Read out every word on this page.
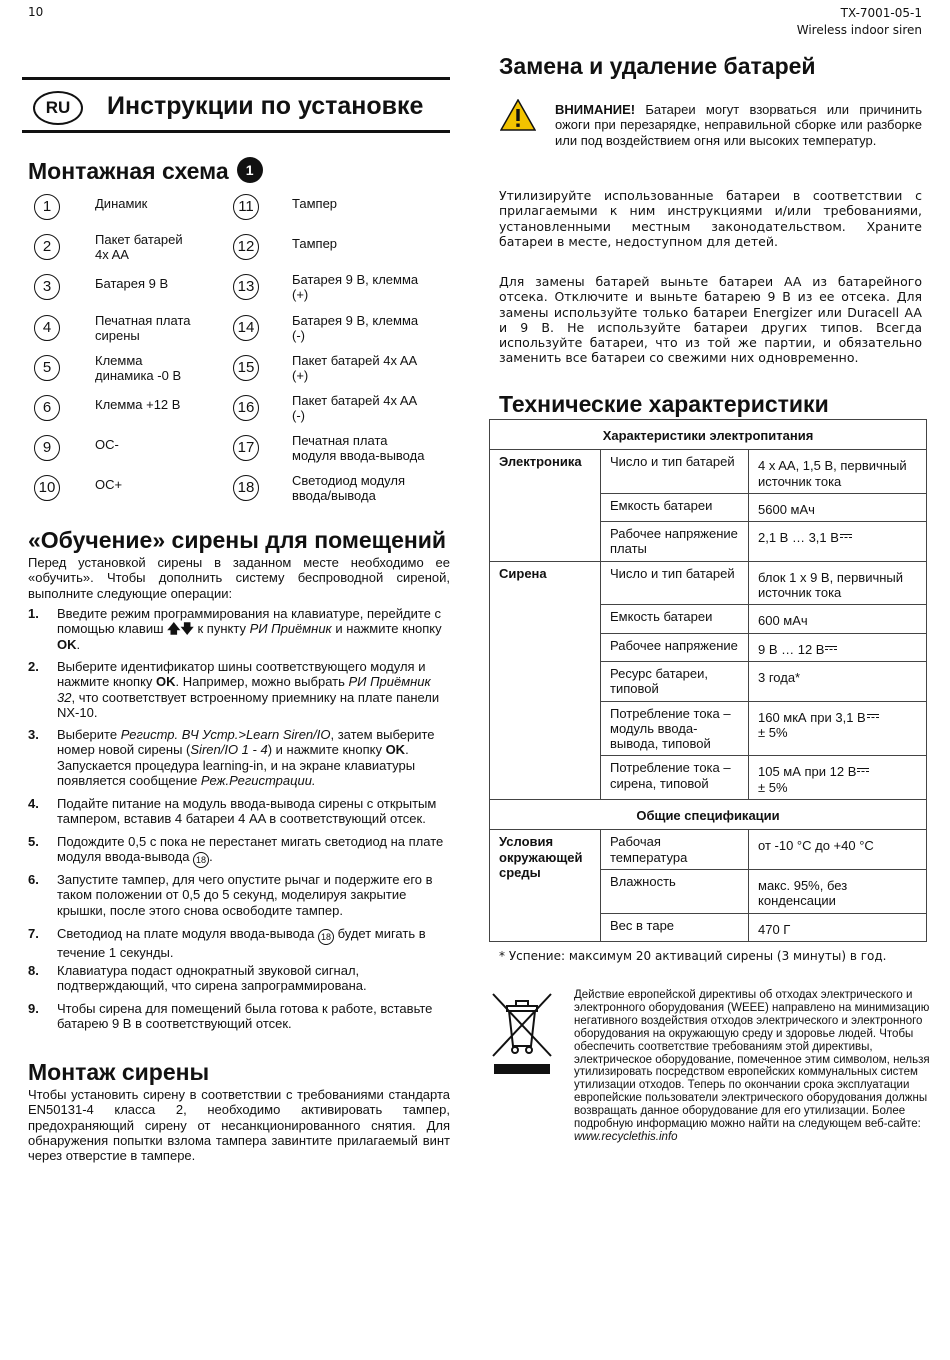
10	TX-7001-05-1
Wireless indoor siren
RU	Инструкции по установке
Монтажная схема 1
1	Динамик
2	Пакет батарей
4x AA
3	Батарея 9 В
4	Печатная плата
сирены
5	Клемма
динамика -0 В
6	Клемма +12 В
9	OC-
10	OC+
11	Тампер
12	Тампер
13	Батарея 9 В, клемма
(+)
14	Батарея 9 В, клемма
(-)
15	Пакет батарей 4x AA
(+)
16	Пакет батарей 4x AA
(-)
17	Печатная плата
модуля ввода-вывода
18	Светодиод модуля
ввода/вывода
«Обучение» сирены для помещений
Перед установкой сирены в заданном месте необходимо ее «обучить». Чтобы дополнить систему беспроводной сиреной, выполните следующие операции:
1. Введите режим программирования на клавиатуре, перейдите с помощью клавиш 🡅🡇 к пункту РИ Приёмник и нажмите кнопку OK.
2. Выберите идентификатор шины соответствующего модуля и нажмите кнопку OK. Например, можно выбрать РИ Приёмник 32, что соответствует встроенному приемнику на плате панели NX-10.
3. Выберите Регистр. ВЧ Устр.>Learn Siren/IO, затем выберите номер новой сирены (Siren/IO 1 - 4) и нажмите кнопку OK. Запускается процедура learning-in, и на экране клавиатуры появляется сообщение Реж.Регистрации.
4. Подайте питание на модуль ввода-вывода сирены с открытым тампером, вставив 4 батареи 4 AA в соответствующий отсек.
5. Подождите 0,5 с пока не перестанет мигать светодиод на плате модуля ввода-вывода 18 .
6. Запустите тампер, для чего опустите рычаг и подержите его в таком положении от 0,5 до 5 секунд, моделируя закрытие крышки, после этого снова освободите тампер.
7. Светодиод на плате модуля ввода-вывода 18 будет мигать в течение 1 секунды.
8. Клавиатура подаст однократный звуковой сигнал, подтверждающий, что сирена запрограммирована.
9. Чтобы сирена для помещений была готова к работе, вставьте батарею 9 В в соответствующий отсек.
Монтаж сирены
Чтобы установить сирену в соответствии с требованиями стандарта EN50131-4 класса 2, необходимо активировать тампер, предохраняющий сирену от несанкционированного снятия. Для обнаружения попытки взлома тампера завинтите прилагаемый винт через отверстие в тампере.
Замена и удаление батарей
ВНИМАНИЕ! Батареи могут взорваться или причинить ожоги при перезарядке, неправильной сборке или разборке или под воздействием огня или высоких температур.
Утилизируйте использованные батареи в соответствии с прилагаемыми к ним инструкциями и/или требованиями, установленными местным законодательством. Храните батареи в месте, недоступном для детей.
Для замены батарей выньте батареи AA из батарейного отсека. Отключите и выньте батарею 9 В из ее отсека. Для замены используйте только батареи Energizer или Duracell AA и 9 В. Не используйте батареи других типов. Всегда используйте батареи, что из той же партии, и обязательно заменить все батареи со свежими них одновременно.
Технические характеристики
Характеристики электропитания		
Электроника	Число и тип батарей	4 x AA, 1,5 В, первичный источник тока
	Емкость батареи	5600 мАч
	Рабочее напряжение платы	2,1 В … 3,1 В
Сирена	Число и тип батарей	блок 1 x 9 В, первичный источник тока
	Емкость батареи	600 мАч
	Рабочее напряжение	9 В … 12 В
	Ресурс батареи, типовой	3 года*
	Потребление тока – модуль ввода-вывода, типовой	160 мкА при 3,1 В
± 5%
	Потребление тока – сирена, типовой	105 мА при 12 В
± 5%
Общие спецификации		
Условия окружающей среды	Рабочая температура	от -10 °C до +40 °C
	Влажность	макс. 95%, без конденсации
	Вес в таре	470 Г
* Успение: максимум 20 активаций сирены (3 минуты) в год.
Действие европейской директивы об отходах электрического и электронного оборудования (WEEE) направлено на минимизацию негативного воздействия отходов электрического и электронного оборудования на окружающую среду и здоровье людей. Чтобы обеспечить соответствие требованиям этой директивы, электрическое оборудование, помеченное этим символом, нельзя утилизировать посредством европейских коммунальных систем утилизации отходов. Теперь по окончании срока эксплуатации европейские пользователи электрического оборудования должны возвращать данное оборудование для его утилизации. Более подробную информацию можно найти на следующем веб-сайте: www.recyclethis.info
